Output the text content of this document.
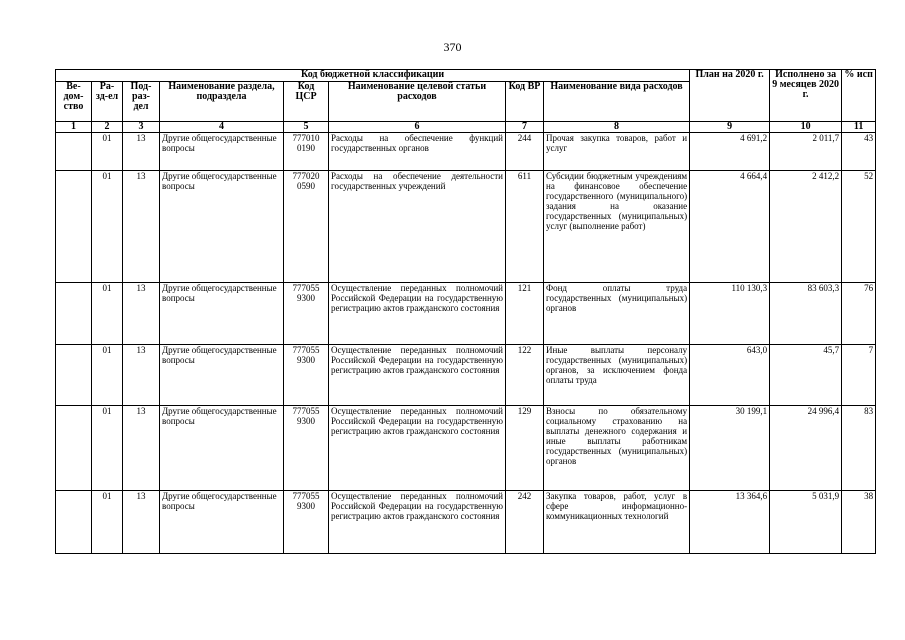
370
Код бюджетной классификации								План на 2020 г.	Исполнено за 9 месяцев 2020 г.	% исп
Ве-дом-ство	Ра-зд-ел	Под-раз-дел	Наименование раздела, подраздела	Код ЦСР	Наименование целевой статьи расходов	Код ВР	Наименование вида расходов			
1	2	3	4	5	6	7	8	9	10	11
	01	13	Другие общегосударственные вопросы	777010 0190	Расходы на обеспечение функций государственных органов	244	Прочая закупка товаров, работ и услуг	4 691,2	2 011,7	43
	01	13	Другие общегосударственные вопросы	777020 0590	Расходы на обеспечение деятельности государственных учреждений	611	Субсидии бюджетным учреждениям на финансовое обеспечение государственного (муниципального) задания на оказание государственных (муниципальных) услуг (выполнение работ)	4 664,4	2 412,2	52
	01	13	Другие общегосударственные вопросы	777055 9300	Осуществление переданных полномочий Российской Федерации на государственную регистрацию актов гражданского состояния	121	Фонд оплаты труда государственных (муниципальных) органов	110 130,3	83 603,3	76
	01	13	Другие общегосударственные вопросы	777055 9300	Осуществление переданных полномочий Российской Федерации на государственную регистрацию актов гражданского состояния	122	Иные выплаты персоналу государственных (муниципальных) органов, за исключением фонда оплаты труда	643,0	45,7	7
	01	13	Другие общегосударственные вопросы	777055 9300	Осуществление переданных полномочий Российской Федерации на государственную регистрацию актов гражданского состояния	129	Взносы по обязательному социальному страхованию на выплаты денежного содержания и иные выплаты работникам государственных (муниципальных) органов	30 199,1	24 996,4	83
	01	13	Другие общегосударственные вопросы	777055 9300	Осуществление переданных полномочий Российской Федерации на государственную регистрацию актов гражданского состояния	242	Закупка товаров, работ, услуг в сфере информационно-коммуникационных технологий	13 364,6	5 031,9	38
